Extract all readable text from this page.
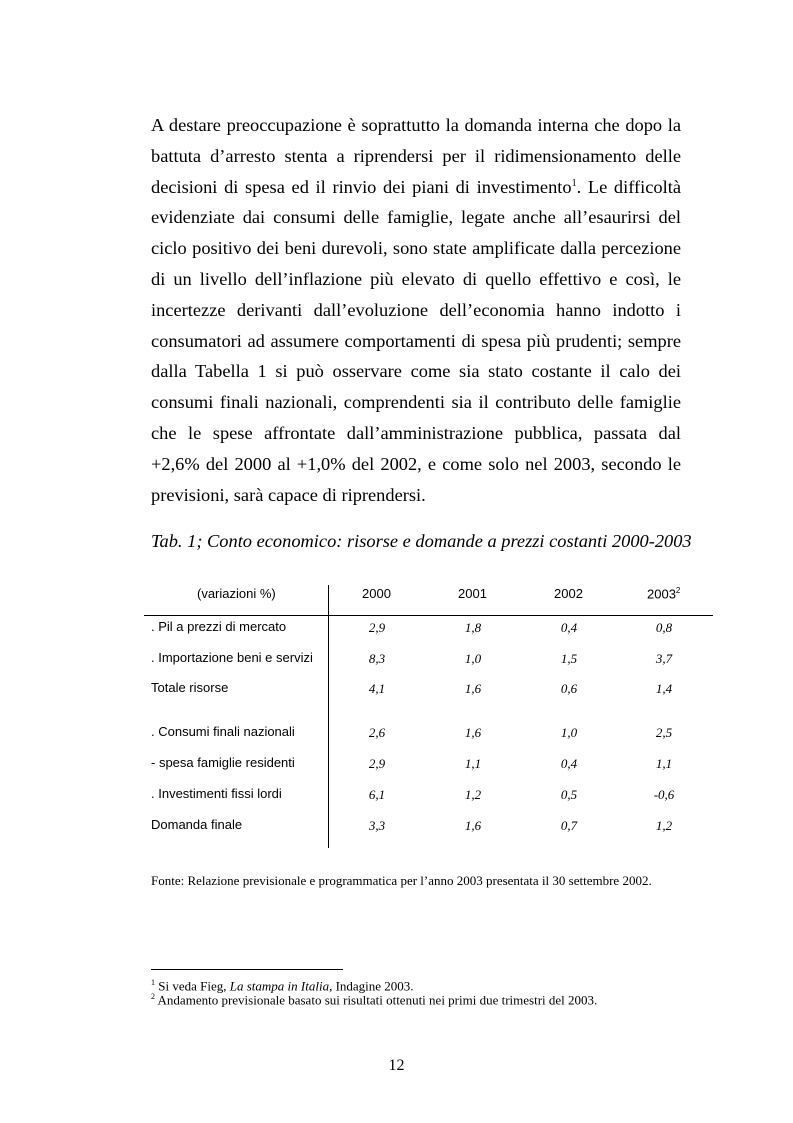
A destare preoccupazione è soprattutto la domanda interna che dopo la battuta d’arresto stenta a riprendersi per il ridimensionamento delle decisioni di spesa ed il rinvio dei piani di investimento$^1$. Le difficoltà evidenziate dai consumi delle famiglie, legate anche all’esaurirsi del ciclo positivo dei beni durevoli, sono state amplificate dalla percezione di un livello dell’inflazione più elevato di quello effettivo e così, le incertezze derivanti dall’evoluzione dell’economia hanno indotto i consumatori ad assumere comportamenti di spesa più prudenti; sempre dalla Tabella 1 si può osservare come sia stato costante il calo dei consumi finali nazionali, comprendenti sia il contributo delle famiglie che le spese affrontate dall’amministrazione pubblica, passata dal +2,6% del 2000 al +1,0% del 2002, e come solo nel 2003, secondo le previsioni, sarà capace di riprendersi.

Tab. 1; Conto economico: risorse e domande a prezzi costanti 2000-2003

(variazioni %)	2000	2001	2002	2003$^2$
. Pil a prezzi di mercato	2,9	1,8	0,4	0,8
. Importazione beni e servizi	8,3	1,0	1,5	3,7
Totale risorse	4,1	1,6	0,6	1,4
. Consumi finali nazionali	2,6	1,6	1,0	2,5
- spesa famiglie residenti	2,9	1,1	0,4	1,1
. Investimenti fissi lordi	6,1	1,2	0,5	-0,6
Domanda finale	3,3	1,6	0,7	1,2

Fonte: Relazione previsionale e programmatica per l’anno 2003 presentata il 30 settembre 2002.

$^1$ Si veda Fieg, La stampa in Italia, Indagine 2003.

$^2$ Andamento previsionale basato sui risultati ottenuti nei primi due trimestri del 2003.

12
